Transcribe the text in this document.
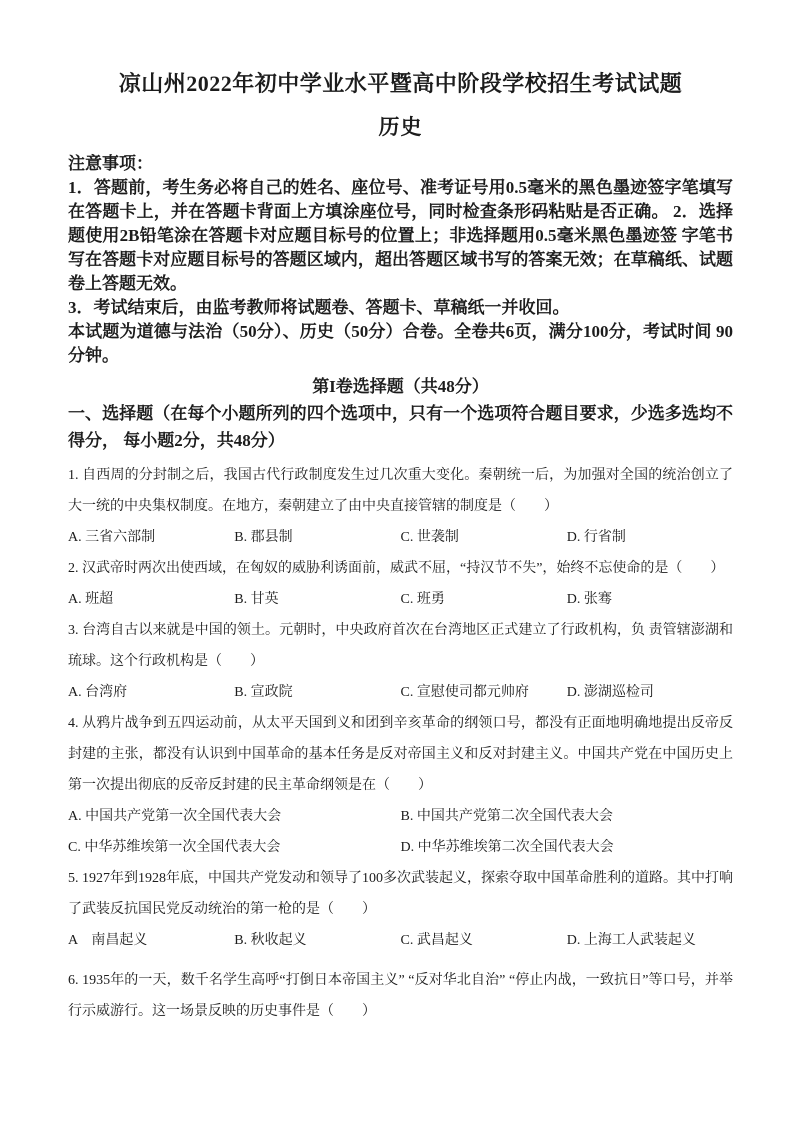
凉山州2022年初中学业水平暨高中阶段学校招生考试试题
历史

注意事项：

1．答题前，考生务必将自己的姓名、座位号、准考证号用0.5毫米的黑色墨迹签字笔填写 在答题卡上，并在答题卡背面上方填涂座位号，同时检查条形码粘贴是否正确。 2．选择题使用2B铅笔涂在答题卡对应题目标号的位置上；非选择题用0.5毫米黑色墨迹签 字笔书写在答题卡对应题目标号的答题区域内，超出答题区域书写的答案无效；在草稿纸、试题 卷上答题无效。

3．考试结束后，由监考教师将试题卷、答题卡、草稿纸一并收回。

本试题为道德与法治（50分）、历史（50分）合卷。全卷共6页，满分100分，考试时间 90分钟。

第I卷选择题（共48分）

一、选择题（在每个小题所列的四个选项中，只有一个选项符合题目要求，少选多选均不得分， 每小题2分，共48分）

1. 自西周的分封制之后，我国古代行政制度发生过几次重大变化。秦朝统一后，为加强对全国的统治创立了大一统的中央集权制度。在地方，秦朝建立了由中央直接管辖的制度是（　　）

A. 三省六部制	B. 郡县制	C. 世袭制	D. 行省制

2. 汉武帝时两次出使西域，在匈奴的威胁利诱面前，威武不屈，“持汉节不失”，始终不忘使命的是（　　）

A. 班超	B. 甘英	C. 班勇	D. 张骞

3. 台湾自古以来就是中国的领土。元朝时，中央政府首次在台湾地区正式建立了行政机构，负 责管辖澎湖和琉球。这个行政机构是（　　）

A. 台湾府	B. 宣政院	C. 宣慰使司都元帅府	D. 澎湖巡检司

4. 从鸦片战争到五四运动前，从太平天国到义和团到辛亥革命的纲领口号，都没有正面地明确地提出反帝反封建的主张，都没有认识到中国革命的基本任务是反对帝国主义和反对封建主义。中国共产党在中国历史上第一次提出彻底的反帝反封建的民主革命纲领是在（　　）

A. 中国共产党第一次全国代表大会	B. 中国共产党第二次全国代表大会
C. 中华苏维埃第一次全国代表大会	D. 中华苏维埃第二次全国代表大会

5. 1927年到1928年底，中国共产党发动和领导了100多次武装起义，探索夺取中国革命胜利的道路。其中打响了武装反抗国民党反动统治的第一枪的是（　　）

A　南昌起义	B. 秋收起义	C. 武昌起义	D. 上海工人武装起义

6. 1935年的一天，数千名学生高呼“打倒日本帝国主义” “反对华北自治” “停止内战，一致抗日”等口号，并举行示威游行。这一场景反映的历史事件是（　　）
